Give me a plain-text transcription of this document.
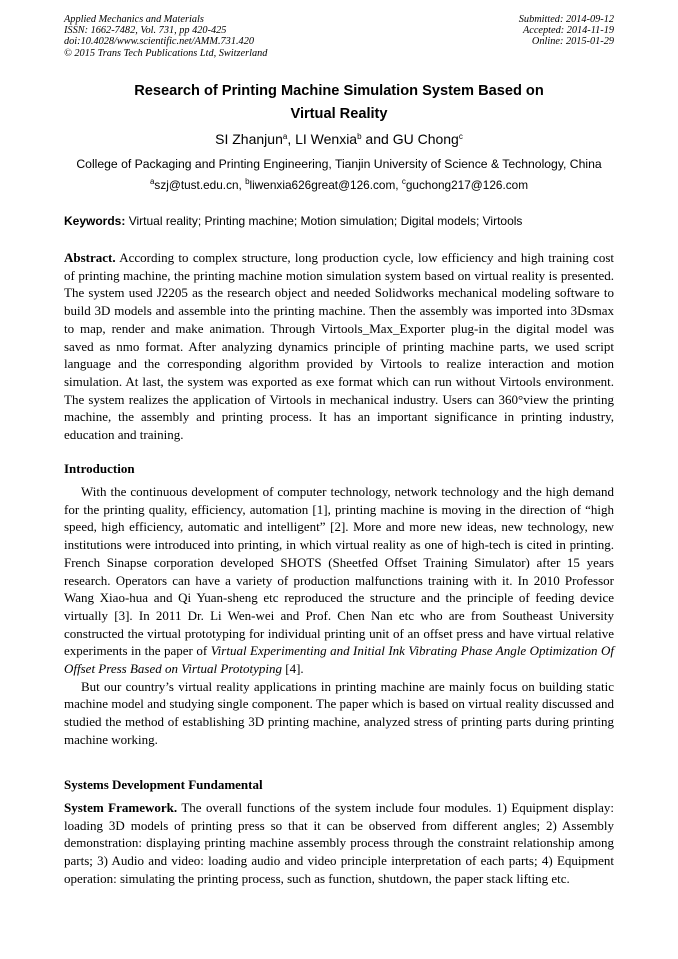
Applied Mechanics and Materials
ISSN: 1662-7482, Vol. 731, pp 420-425
doi:10.4028/www.scientific.net/AMM.731.420
© 2015 Trans Tech Publications Ltd, Switzerland
Submitted: 2014-09-12
Accepted: 2014-11-19
Online: 2015-01-29
Research of Printing Machine Simulation System Based on
Virtual Reality
SI Zhanjun$^a$, LI Wenxia$^b$ and GU Chong$^c$
College of Packaging and Printing Engineering, Tianjin University of Science & Technology, China
$^a$szj@tust.edu.cn, $^b$liwenxia626great@126.com, $^c$guchong217@126.com
Keywords: Virtual reality; Printing machine; Motion simulation; Digital models; Virtools

Abstract. According to complex structure, long production cycle, low efficiency and high training cost of printing machine, the printing machine motion simulation system based on virtual reality is presented. The system used J2205 as the research object and needed Solidworks mechanical modeling software to build 3D models and assemble into the printing machine. Then the assembly was imported into 3Dsmax to map, render and make animation. Through Virtools_Max_Exporter plug-in the digital model was saved as nmo format. After analyzing dynamics principle of printing machine parts, we used script language and the corresponding algorithm provided by Virtools to realize interaction and motion simulation. At last, the system was exported as exe format which can run without Virtools environment. The system realizes the application of Virtools in mechanical industry. Users can 360°view the printing machine, the assembly and printing process. It has an important significance in printing industry, education and training.

Introduction

With the continuous development of computer technology, network technology and the high demand for the printing quality, efficiency, automation [1], printing machine is moving in the direction of “high speed, high efficiency, automatic and intelligent” [2]. More and more new ideas, new technology, new institutions were introduced into printing, in which virtual reality as one of high-tech is cited in printing. French Sinapse corporation developed SHOTS (Sheetfed Offset Training Simulator) after 15 years research. Operators can have a variety of production malfunctions training with it. In 2010 Professor Wang Xiao-hua and Qi Yuan-sheng etc reproduced the structure and the principle of feeding device virtually [3]. In 2011 Dr. Li Wen-wei and Prof. Chen Nan etc who are from Southeast University constructed the virtual prototyping for individual printing unit of an offset press and have virtual relative experiments in the paper of Virtual Experimenting and Initial Ink Vibrating Phase Angle Optimization Of Offset Press Based on Virtual Prototyping [4].

But our country’s virtual reality applications in printing machine are mainly focus on building static machine model and studying single component. The paper which is based on virtual reality discussed and studied the method of establishing 3D printing machine, analyzed stress of printing parts during printing machine working.

Systems Development Fundamental

System Framework. The overall functions of the system include four modules. 1) Equipment display: loading 3D models of printing press so that it can be observed from different angles; 2) Assembly demonstration: displaying printing machine assembly process through the constraint relationship among parts; 3) Audio and video: loading audio and video principle interpretation of each parts; 4) Equipment operation: simulating the printing process, such as function, shutdown, the paper stack lifting etc.
